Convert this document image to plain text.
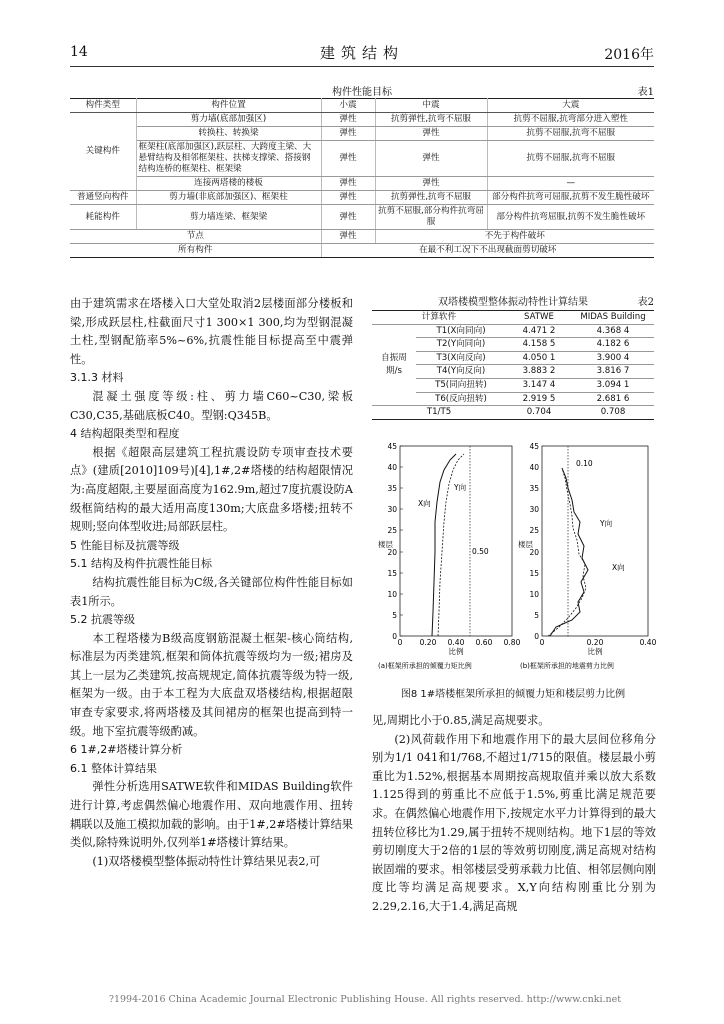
14	建筑结构	2016年
构件性能目标	表1
构件类型	构件位置	小震	中震	大震
关键构件	剪力墙(底部加强区)	弹性	抗剪弹性,抗弯不屈服	抗剪不屈服,抗弯部分进入塑性
	转换柱、转换梁	弹性	弹性	抗剪不屈服,抗弯不屈服
	框架柱(底部加强区),跃层柱、大跨度主梁、大悬臂结构及相邻框架柱、扶梯支撑梁、搭接钢结构连桥的框架柱、框架梁	弹性	弹性	抗剪不屈服,抗弯不屈服
	连接两塔楼的楼板	弹性	弹性	—
普通竖向构件	剪力墙(非底部加强区)、框架柱	弹性	抗剪弹性,抗弯不屈服	部分构件抗弯可屈服,抗剪不发生脆性破坏
耗能构件	剪力墙连梁、框架梁	弹性	抗剪不屈服,部分构件抗弯屈服	部分构件抗弯屈服,抗剪不发生脆性破坏
节点		弹性	不先于构件破坏	
所有构件		在最不利工况下不出现截面剪切破坏		

由于建筑需求在塔楼入口大堂处取消2层楼面部分楼板和梁,形成跃层柱,柱截面尺寸1 300×1 300,均为型钢混凝土柱,型钢配筋率5%~6%,抗震性能目标提高至中震弹性。

3.1.3 材料

混凝土强度等级:柱、剪力墙C60~C30,梁板C30,C35,基础底板C40。型钢:Q345B。

4 结构超限类型和程度

根据《超限高层建筑工程抗震设防专项审查技术要点》(建质[2010]109号)[4],1#,2#塔楼的结构超限情况为:高度超限,主要屋面高度为162.9m,超过7度抗震设防A级框筒结构的最大适用高度130m;大底盘多塔楼;扭转不规则;竖向体型收进;局部跃层柱。

5 性能目标及抗震等级

5.1 结构及构件抗震性能目标

结构抗震性能目标为C级,各关键部位构件性能目标如表1所示。

5.2 抗震等级

本工程塔楼为B级高度钢筋混凝土框架-核心筒结构,标准层为丙类建筑,框架和筒体抗震等级均为一级;裙房及其上一层为乙类建筑,按高规规定,简体抗震等级为特一级,框架为一级。由于本工程为大底盘双塔楼结构,根据超限审查专家要求,将两塔楼及其间裙房的框架也提高到特一级。地下室抗震等级酌减。

6 1#,2#塔楼计算分析

6.1 整体计算结果

弹性分析选用SATWE软件和MIDAS Building软件进行计算,考虑偶然偏心地震作用、双向地震作用、扭转耦联以及施工模拟加载的影响。由于1#,2#塔楼计算结果类似,除特殊说明外,仅列举1#塔楼计算结果。

(1)双塔楼模型整体振动特性计算结果见表2,可

双塔楼模型整体振动特性计算结果	表2
计算软件		SATWE	MIDAS Building
自振周期/s	T1(X向同向)	4.471 2	4.368 4
	T2(Y向同向)	4.158 5	4.182 6
	T3(X向反向)	4.050 1	3.900 4
	T4(Y向反向)	3.883 2	3.816 7
	T5(同向扭转)	3.147 4	3.094 1
	T6(反向扭转)	2.919 5	2.681 6
T1/T5		0.704	0.708
楼层
0
5
10
15
20
25
30
35
40
45
0 0.20 0.40 0.60 0.80
比例
0.50
X向
Y向
楼层
0
5
10
15
20
25
30
35
40
45
0	0.20	0.40
比例
0.10
Y向
X向
(a)框架所承担的倾覆力矩比例	(b)框架所承担的地震剪力比例
图8 1#塔楼框架所承担的倾覆力矩和楼层剪力比例

见,周期比小于0.85,满足高规要求。

(2)风荷载作用下和地震作用下的最大层间位移角分别为1/1 041和1/768,不超过1/715的限值。楼层最小剪重比为1.52%,根据基本周期按高规取值并乘以放大系数1.125得到的剪重比不应低于1.5%,剪重比满足规范要求。在偶然偏心地震作用下,按规定水平力计算得到的最大扭转位移比为1.29,属于扭转不规则结构。地下1层的等效剪切刚度大于2倍的1层的等效剪切刚度,满足高规对结构嵌固端的要求。相邻楼层受剪承载力比值、相邻层侧向刚度比等均满足高规要求。X,Y向结构刚重比分别为2.29,2.16,大于1.4,满足高规

?1994-2016 China Academic Journal Electronic Publishing House. All rights reserved. http://www.cnki.net
